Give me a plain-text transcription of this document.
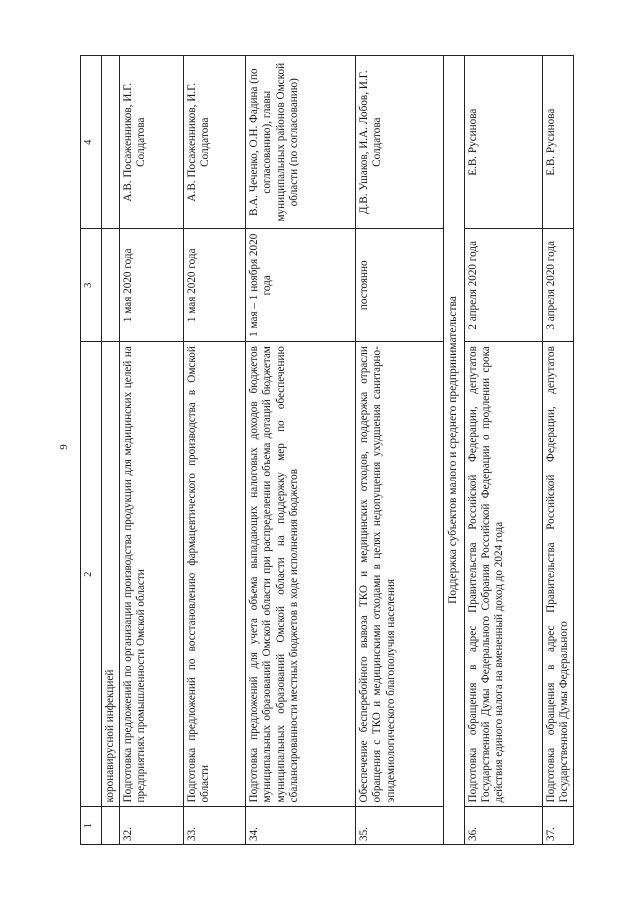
9
1	2	3	4
	коронавирусной инфекцией		
32.	Подготовка предложений по организации производства продукции для медицинских целей на предприятиях промышленности Омской области	1 мая 2020 года	А.В. Посаженников, И.Г. Солдатова
33.	Подготовка предложений по восстановлению фармацевтического производства в Омской области	1 мая 2020 года	А.В. Посаженников, И.Г. Солдатова
34.	Подготовка предложений для учета объема выпадающих налоговых доходов бюджетов муниципальных образований Омской области при распределении объема дотаций бюджетам муниципальных образований Омской области на поддержку мер по обеспечению сбалансированности местных бюджетов в ходе исполнения бюджетов	1 мая – 1 ноября 2020 года	В.А. Чеченко, О.Н. Фадина (по согласованию), главы муниципальных районов Омской области (по согласованию)
35.	Обеспечение бесперебойного вывоза ТКО и медицинских отходов, поддержка отрасли обращения с ТКО и медицинскими отходами в целях недопущения ухудшения санитарно-эпидемиологического благополучия населения	постоянно	Д.В. Ушаков, И.А. Лобов, И.Г. Солдатова
Поддержка субъектов малого и среднего предпринимательства			
36.	Подготовка обращения в адрес Правительства Российской Федерации, депутатов Государственной Думы Федерального Собрания Российской Федерации о продлении срока действия единого налога на вмененный доход до 2024 года	2 апреля 2020 года	Е.В. Русинова
37.	Подготовка обращения в адрес Правительства Российской Федерации, депутатов Государственной Думы Федерального	3 апреля 2020 года	Е.В. Русинова
